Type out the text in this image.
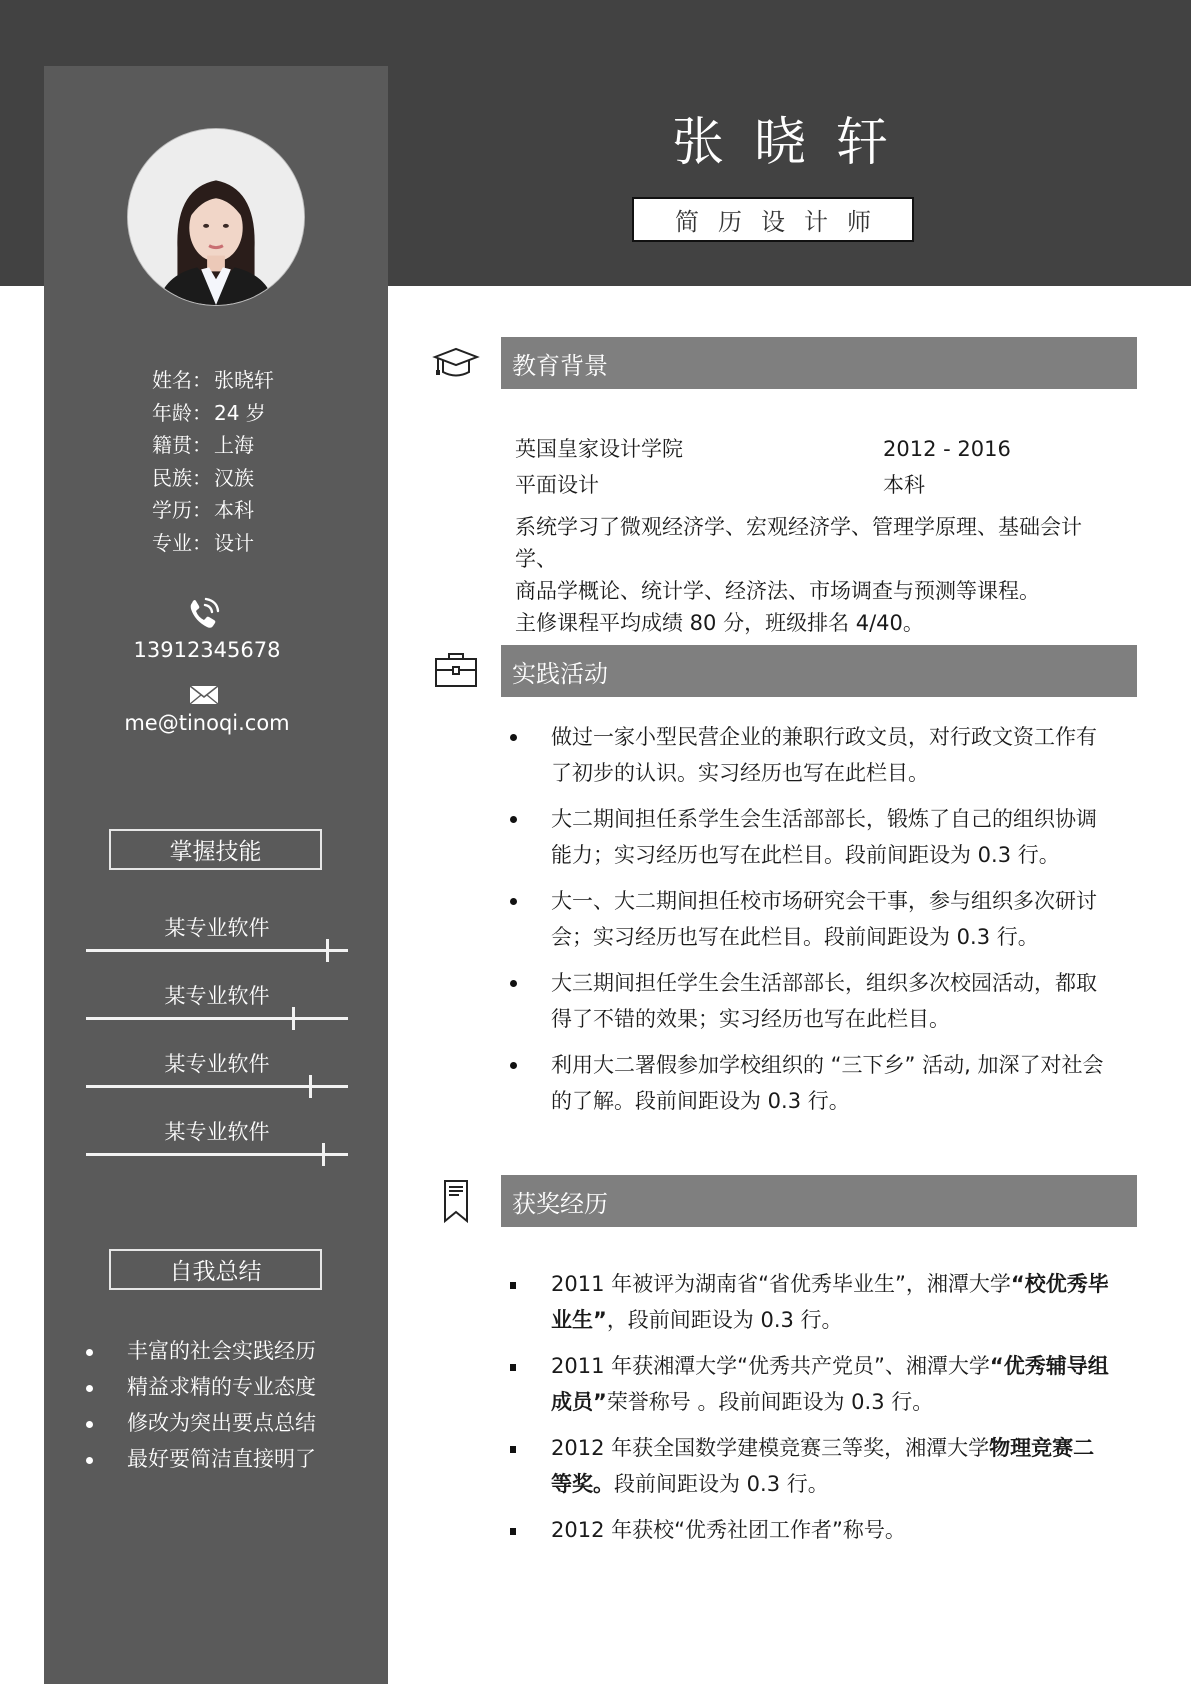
张晓轩
简历设计师
姓名： 张晓轩
年龄： 24 岁
籍贯： 上海
民族： 汉族
学历： 本科
专业： 设计
13912345678
me@tinoqi.com
掌握技能
某专业软件
某专业软件
某专业软件
某专业软件
自我总结
丰富的社会实践经历
精益求精的专业态度
修改为突出要点总结
最好要简洁直接明了
教育背景
英国皇家设计学院	2012 - 2016
平面设计	本科
系统学习了微观经济学、宏观经济学、管理学原理、基础会计学、
商品学概论、统计学、经济法、市场调查与预测等课程。
主修课程平均成绩 80 分，班级排名 4/40。
实践活动
做过一家小型民营企业的兼职行政文员，对行政文资工作有了初步的认识。实习经历也写在此栏目。
大二期间担任系学生会生活部部长，锻炼了自己的组织协调能力；实习经历也写在此栏目。段前间距设为 0.3 行。
大一、大二期间担任校市场研究会干事，参与组织多次研讨会；实习经历也写在此栏目。段前间距设为 0.3 行。
大三期间担任学生会生活部部长，组织多次校园活动，都取得了不错的效果；实习经历也写在此栏目。
利用大二署假参加学校组织的 “三下乡” 活动, 加深了对社会的了解。段前间距设为 0.3 行。
获奖经历
2011 年被评为湖南省“省优秀毕业生”，湘潭大学“校优秀毕业生”，段前间距设为 0.3 行。
2011 年获湘潭大学“优秀共产党员”、湘潭大学“优秀辅导组成员”荣誉称号 。段前间距设为 0.3 行。
2012 年获全国数学建模竞赛三等奖，湘潭大学物理竞赛二等奖。段前间距设为 0.3 行。
2012 年获校“优秀社团工作者”称号。
